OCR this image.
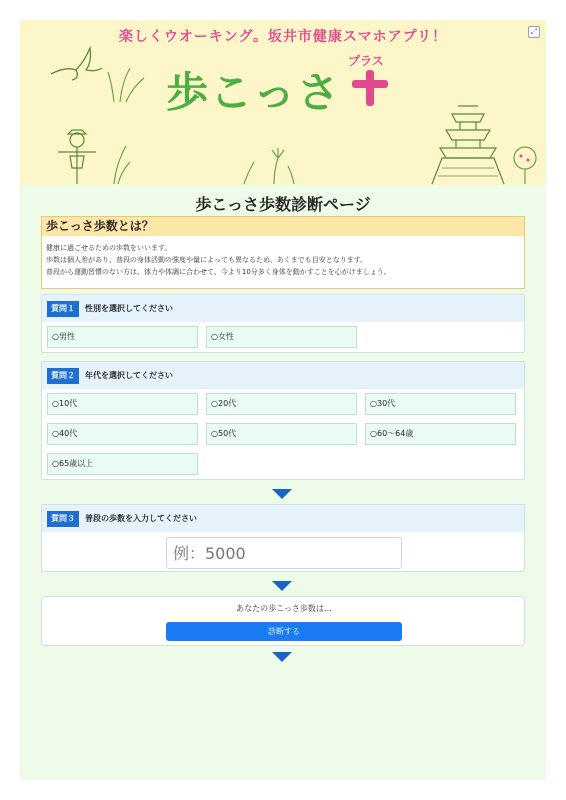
楽しくウオーキング。坂井市健康スマホアプリ！
歩こっさ
プラス
⤢
歩こっさ歩数診断ページ
歩こっさ歩数とは？
健康に過ごせるための歩数をいいます。
歩数は個人差があり、普段の身体活動の強度や量によっても異なるため、あくまでも目安となります。
普段から運動習慣のない方は、体力や体調に合わせて、今より10分多く身体を動かすことを心がけましょう。
質問１	性別を選択してください
○男性	○女性
質問２	年代を選択してください
○10代	○20代	○30代
○40代	○50代	○60〜64歳
○65歳以上
質問３	普段の歩数を入力してください
例：5000
あなたの歩こっさ歩数は…
診断する
